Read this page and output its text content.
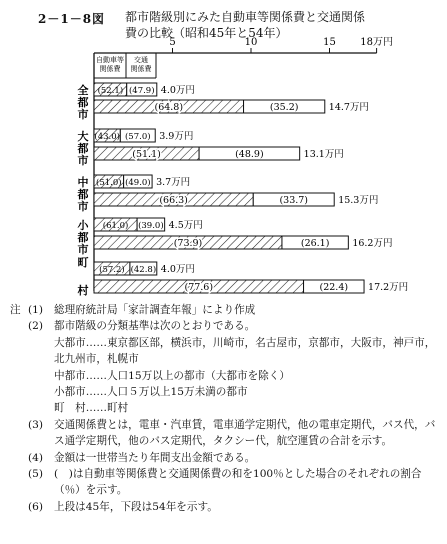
2－1－8図 都市階級別にみた自動車等関係費と交通関係費の比較（昭和45年と54年）
5	10	15 18万円
自動車等
関係費
交通
関係費
(52.1) (47.9) 4.0万円
(64.8)	(35.2)	14.7万円
(43.0) (57.0) 3.9万円
(51.1)	(48.9)	13.1万円
(51.0) (49.0) 3.7万円
(66.3)	(33.7)	15.3万円
(61.0) (39.0) 4.5万円
(73.9)	(26.1) 16.2万円
(57.2) (42.8) 4.0万円
(77.6)	(22.4) 17.2万円
全
都
市
大
都
市
中
都
市
小
都
市
町
村
注 (1)	総理府統計局「家計調査年報」により作成
(2)	都市階級の分類基準は次のとおりである。
大都市……東京都区部，横浜市，川崎市，名古屋市，京都市，大阪市，神戸市，北九州市，札幌市
中都市……人口15万以上の都市（大都市を除く）
小都市……人口５万以上15万未満の都市
町　村……町村
(3)	交通関係費とは，電車・汽車賃，電車通学定期代，他の電車定期代，バス代，バス通学定期代，他のバス定期代，タクシー代，航空運賃の合計を示す。
(4)	金額は一世帯当たり年間支出金額である。
(5)	(　)は自動車等関係費と交通関係費の和を100％とした場合のそれぞれの割合（％）を示す。
(6)	上段は45年，下段は54年を示す。
